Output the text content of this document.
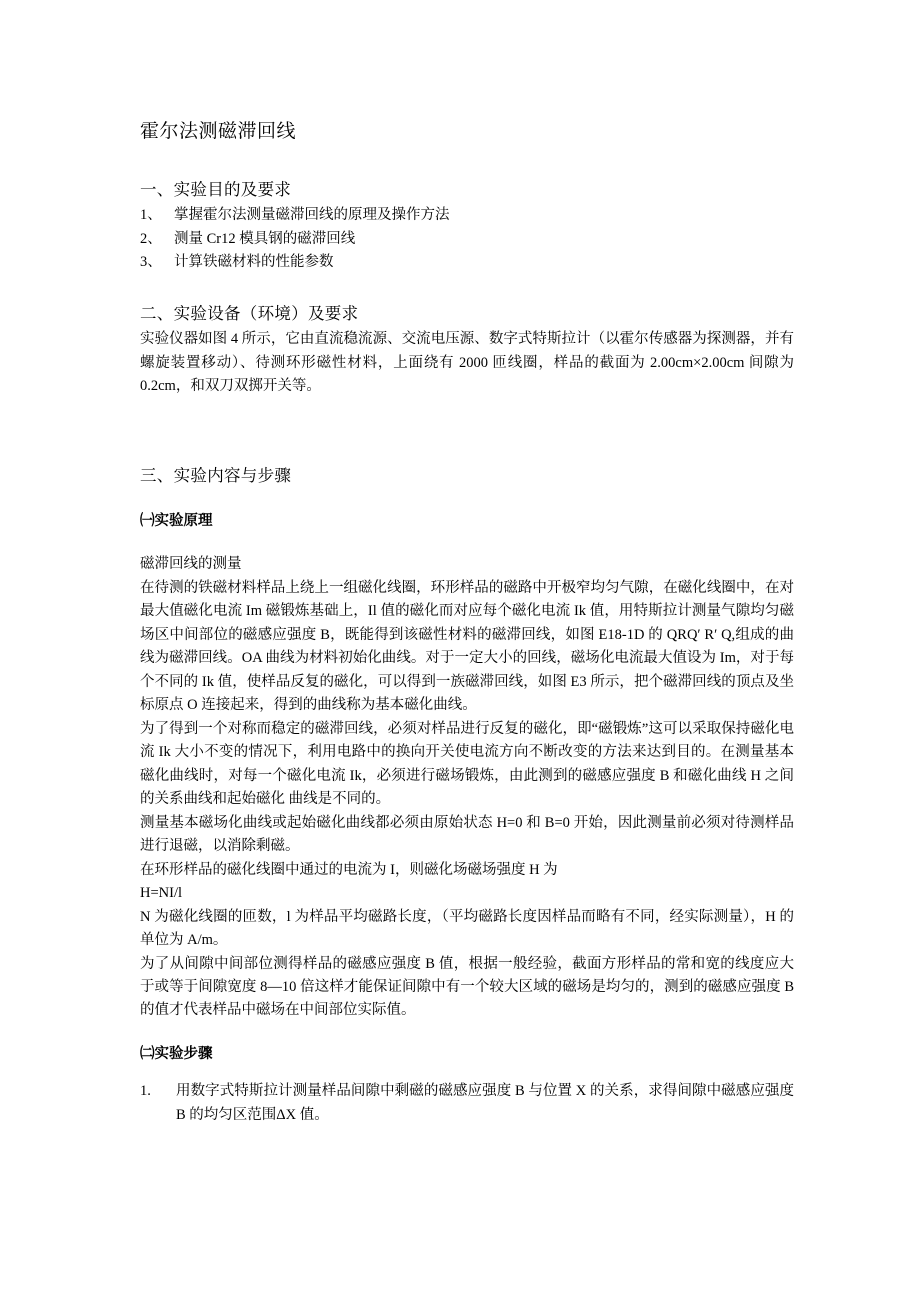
霍尔法测磁滞回线
一、实验目的及要求
1、 掌握霍尔法测量磁滞回线的原理及操作方法
2、 测量 Cr12 模具钢的磁滞回线
3、 计算铁磁材料的性能参数
二、实验设备（环境）及要求

实验仪器如图 4 所示，它由直流稳流源、交流电压源、数字式特斯拉计（以霍尔传感器为探测器，并有螺旋装置移动）、待测环形磁性材料，上面绕有 2000 匝线圈，样品的截面为 2.00cm×2.00cm 间隙为 0.2cm，和双刀双掷开关等。

三、实验内容与步骤
㈠实验原理

磁滞回线的测量

在待测的铁磁材料样品上绕上一组磁化线圈，环形样品的磁路中开极窄均匀气隙，在磁化线圈中，在对最大值磁化电流 Im 磁锻炼基础上，Il 值的磁化而对应每个磁化电流 Ik 值，用特斯拉计测量气隙均匀磁场区中间部位的磁感应强度 B，既能得到该磁性材料的磁滞回线，如图 E18-1D 的 QRQ′ R′ Q,组成的曲线为磁滞回线。OA 曲线为材料初始化曲线。对于一定大小的回线，磁场化电流最大值设为 Im，对于每个不同的 Ik 值，使样品反复的磁化，可以得到一族磁滞回线，如图 E3 所示，把个磁滞回线的顶点及坐标原点 O 连接起来，得到的曲线称为基本磁化曲线。

为了得到一个对称而稳定的磁滞回线，必须对样品进行反复的磁化，即“磁锻炼”这可以采取保持磁化电流 Ik 大小不变的情况下，利用电路中的换向开关使电流方向不断改变的方法来达到目的。在测量基本磁化曲线时，对每一个磁化电流 Ik，必须进行磁场锻炼，由此测到的磁感应强度 B 和磁化曲线 H 之间的关系曲线和起始磁化 曲线是不同的。

测量基本磁场化曲线或起始磁化曲线都必须由原始状态 H=0 和 B=0 开始，因此测量前必须对待测样品进行退磁，以消除剩磁。

在环形样品的磁化线圈中通过的电流为 I，则磁化场磁场强度 H 为

H=NI/l

N 为磁化线圈的匝数，l 为样品平均磁路长度，（平均磁路长度因样品而略有不同，经实际测量），H 的单位为 A/m。

为了从间隙中间部位测得样品的磁感应强度 B 值，根据一般经验，截面方形样品的常和宽的线度应大于或等于间隙宽度 8—10 倍这样才能保证间隙中有一个较大区域的磁场是均匀的，测到的磁感应强度 B 的值才代表样品中磁场在中间部位实际值。

㈡实验步骤
1.	用数字式特斯拉计测量样品间隙中剩磁的磁感应强度 B 与位置 X 的关系，求得间隙中磁感应强度 B 的均匀区范围ΔX 值。
